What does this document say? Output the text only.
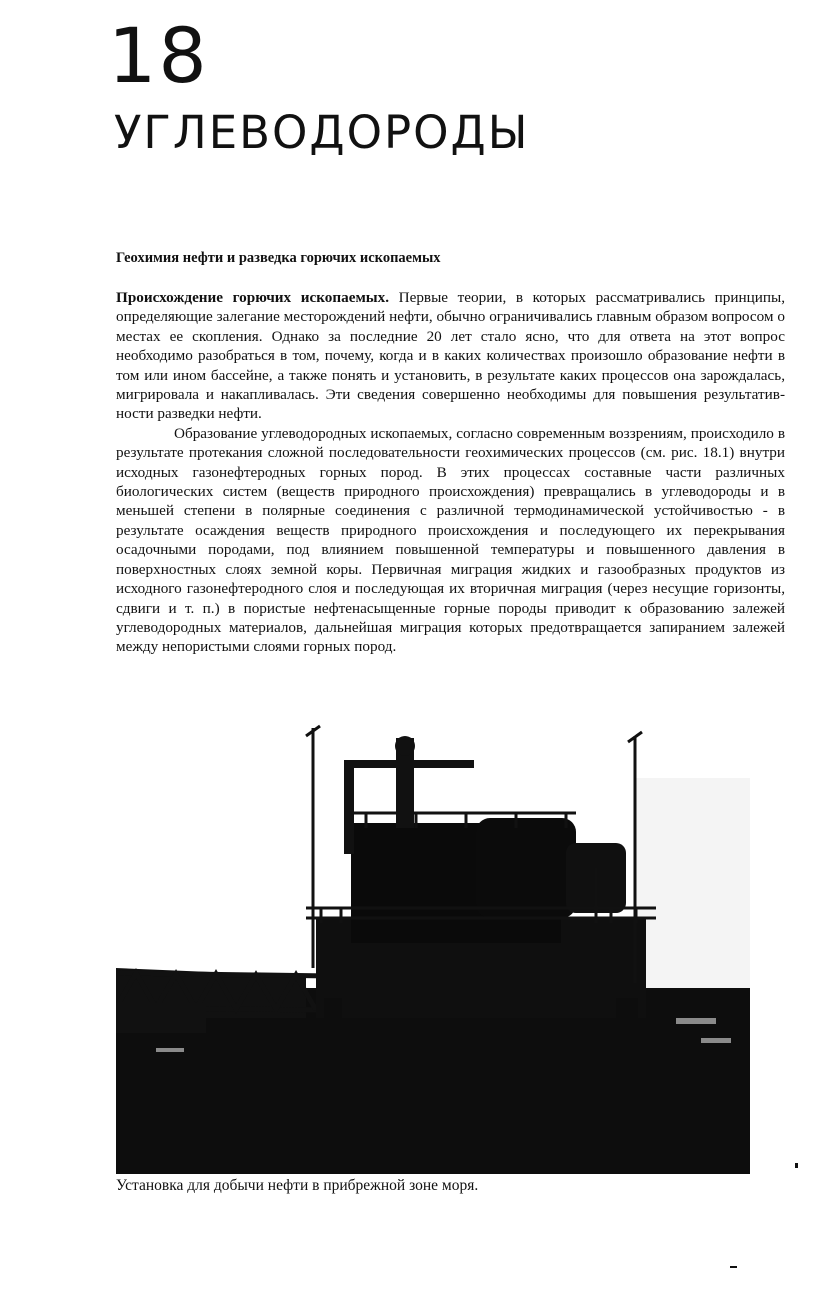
18
УГЛЕВОДОРОДЫ
Геохимия нефти и разведка горючих ископаемых

Происхождение горючих ископаемых. Первые теории, в которых рассматривались принципы, определяющие залегание месторождений нефти, обычно ограничивались главным образом вопросом о местах ее скопления. Однако за последние 20 лет стало ясно, что для ответа на этот вопрос необходимо разобраться в том, почему, когда и в каких количествах произошло образование нефти в том или ином бассейне, а также понять и установить, в результате каких процессов она зарождалась, мигрировала и накапливалась. Эти сведения совершенно необходимы для повышения результативности разведки нефти.

Образование углеводородных ископаемых, согласно современным воззрениям, происходило в результате протекания сложной последовательности геохимических процессов (см. рис. 18.1) внутри исходных газонефтеродных горных пород. В этих процессах составные части различных биологических систем (веществ природного происхождения) превращались в углеводороды и в меньшей степени в полярные соединения с различной термодинамической устойчивостью - в результате осаждения веществ природного происхождения и последующего их перекрывания осадочными породами, под влиянием повышенной температуры и повышенного давления в поверхностных слоях земной коры. Первичная миграция жидких и газообразных продуктов из исходного газонефтеродного слоя и последующая их вторичная миграция (через несущие горизонты, сдвиги и т. п.) в пористые нефтенасыщенные горные породы приводит к образованию залежей углеводородных материалов, дальнейшая миграция которых предотвращается запиранием залежей между непористыми слоями горных пород.

Установка для добычи нефти в прибрежной зоне моря.
